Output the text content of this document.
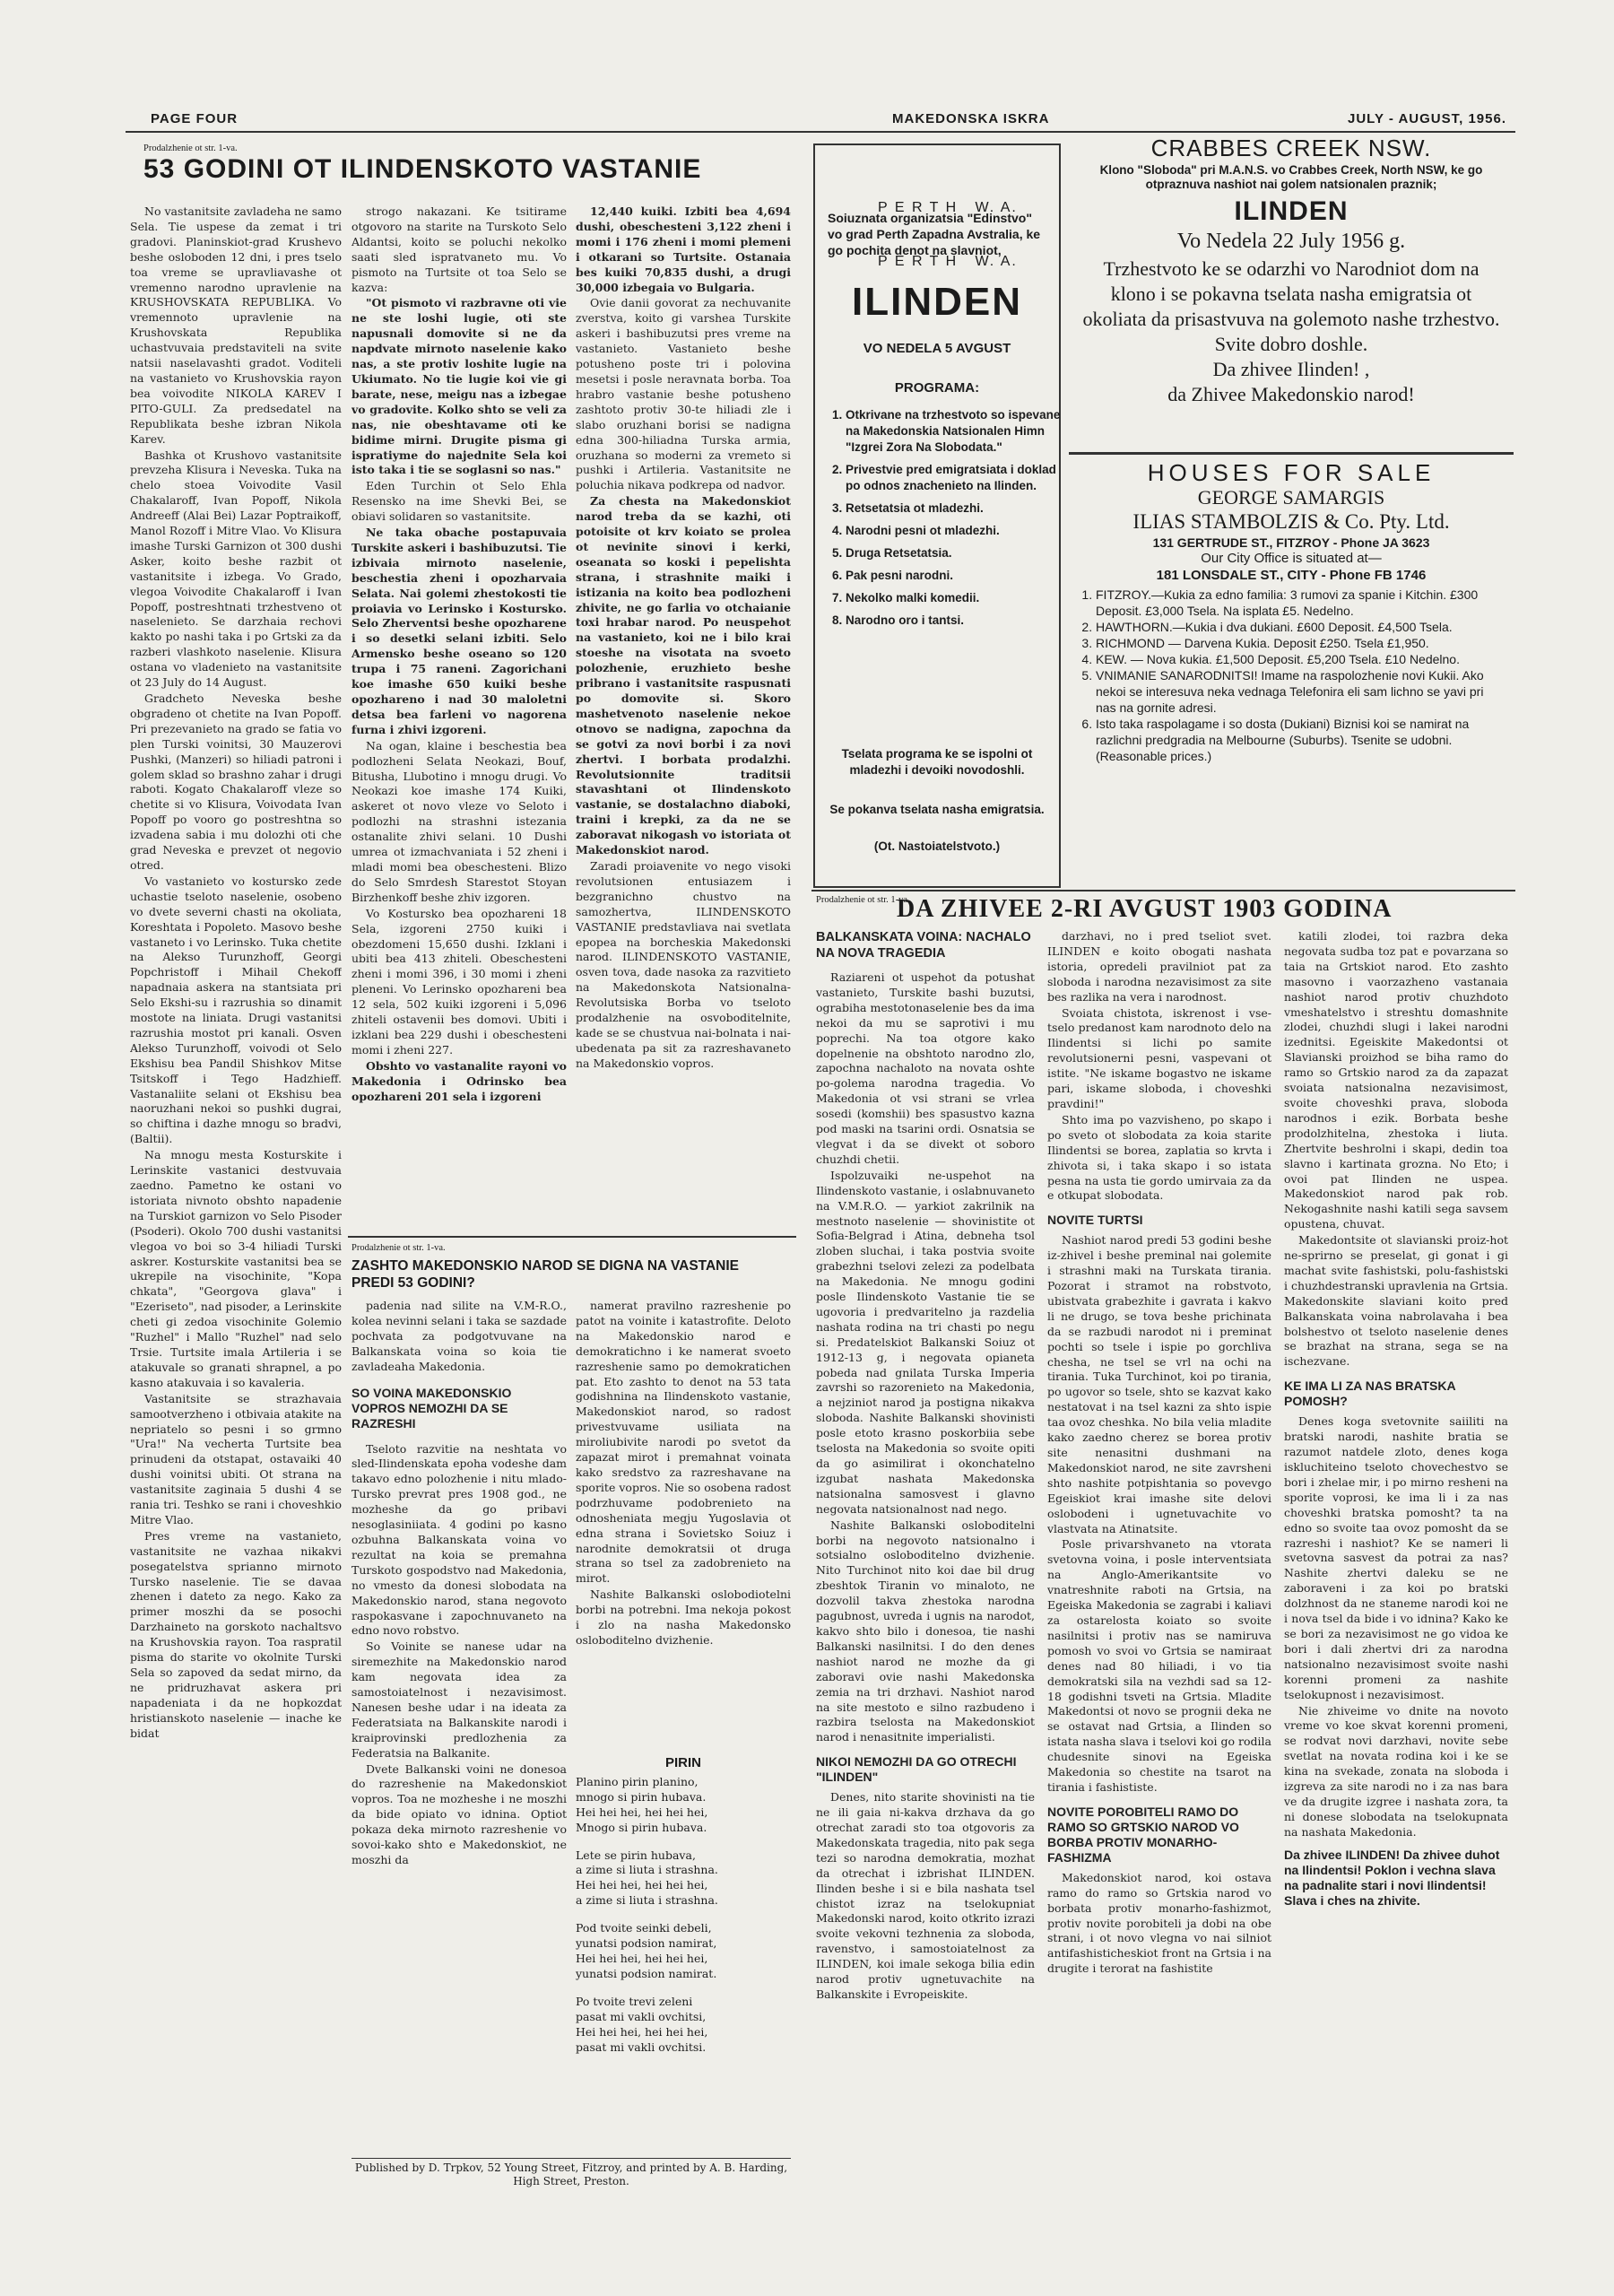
PAGE FOUR	MAKEDONSKA ISKRA	JULY - AUGUST, 1956.
Prodalzhenie ot str. 1-va.
53 GODINI OT ILINDENSKOTO VASTANIE

No vastanitsite zavladeha ne samo Sela. Tie uspese da zemat i tri gradovi. Planinskiot-grad Krushevo beshe osloboden 12 dni, i pres tselo toa vreme se upravliavashe ot vremenno narodno upravlenie na KRUSHOVSKATA REPUBLIKA. Vo vremennoto upravlenie na Krushovskata Republika uchastvuvaia predstaviteli na svite natsii naselavashti gradot. Voditeli na vastanieto vo Krushovskia rayon bea voivodite NIKOLA KAREV I PITO-GULI. Za predsedatel na Republikata beshe izbran Nikola Karev.

Bashka ot Krushovo vastanitsite prevzeha Klisura i Neveska. Tuka na chelo stoea Voivodite Vasil Chakalaroff, Ivan Popoff, Nikola Andreeff (Alai Bei) Lazar Poptraikoff, Manol Rozoff i Mitre Vlao. Vo Klisura imashe Turski Garnizon ot 300 dushi Asker, koito beshe razbit ot vastanitsite i izbega. Vo Grado, vlegoa Voivodite Chakalaroff i Ivan Popoff, postreshtnati trzhestveno ot naselenieto. Se darzhaia rechovi kakto po nashi taka i po Grtski za da razberi vlashkoto naselenie. Klisura ostana vo vladenieto na vastanitsite ot 23 July do 14 August.

Gradcheto Neveska beshe obgradeno ot chetite na Ivan Popoff. Pri prezevanieto na grado se fatia vo plen Turski voinitsi, 30 Mauzerovi Pushki, (Manzeri) so hiliadi patroni i golem sklad so brashno zahar i drugi raboti. Kogato Chakalaroff vleze so chetite si vo Klisura, Voivodata Ivan Popoff po vooro go postreshtna so izvadena sabia i mu dolozhi oti che grad Neveska e prevzet ot negovio otred.

Vo vastanieto vo kostursko zede uchastie tseloto naselenie, osobeno vo dvete severni chasti na okoliata, Koreshtata i Popoleto. Masovo beshe vastaneto i vo Lerinsko. Tuka chetite na Alekso Turunzhoff, Georgi Popchristoff i Mihail Chekoff napadnaia askera na stantsiata pri Selo Ekshi-su i razrushia so dinamit mostote na liniata. Drugi vastanitsi razrushia mostot pri kanali. Osven Alekso Turunzhoff, voivodi ot Selo Ekshisu bea Pandil Shishkov Mitse Tsitskoff i Tego Hadzhieff. Vastanaliite selani ot Ekshisu bea naoruzhani nekoi so pushki dugrai, so chiftina i dazhe mnogu so bradvi, (Baltii).

Na mnogu mesta Kosturskite i Lerinskite vastanici destvuvaia zaedno. Pametno ke ostani vo istoriata nivnoto obshto napadenie na Turskiot garnizon vo Selo Pisoder (Psoderi). Okolo 700 dushi vastanitsi vlegoa vo boi so 3-4 hiliadi Turski askrer. Kosturskite vastanitsi bea se ukrepile na visochinite, "Kopa chkata", "Georgova glava" i "Ezeriseto", nad pisoder, a Lerinskite cheti gi zedoa visochinite Golemio "Ruzhel" i Mallo "Ruzhel" nad selo Trsie. Turtsite imala Artileria i se atakuvale so granati shrapnel, a po kasno atakuvaia i so kavaleria.

Vastanitsite se strazhavaia samootverzheno i otbivaia atakite na nepriatelo so pesni i so grmno "Ura!" Na vecherta Turtsite bea prinudeni da otstapat, ostavaiki 40 dushi voinitsi ubiti. Ot strana na vastanitsite zaginaia 5 dushi 4 se rania tri. Teshko se rani i choveshkio Mitre Vlao.

Pres vreme na vastanieto, vastanitsite ne vazhaa nikakvi posegatelstva sprianno mirnoto Tursko naselenie. Tie se davaa zhenen i dateto za nego. Kako za primer moszhi da se posochi Darzhaineto na gorskoto nachaltsvo na Krushovskia rayon. Toa raspratil pisma do starite vo okolnite Turski Sela so zapoved da sedat mirno, da ne pridruzhavat askera pri napadeniata i da ne hopkozdat hristianskoto naselenie — inache ke bidat

strogo nakazani. Ke tsitirame otgovoro na starite na Turskoto Selo Aldantsi, koito se poluchi nekolko saati sled ispratvaneto mu. Vo pismoto na Turtsite ot toa Selo se kazva:

"Ot pismoto vi razbravne oti vie ne ste loshi lugie, oti ste napusnali domovite si ne da napdvate mirnoto naselenie kako nas, a ste protiv loshite lugie na Ukiumato. No tie lugie koi vie gi barate, nese, meigu nas a izbegae vo gradovite. Kolko shto se veli za nas, nie obeshtavame oti ke bidime mirni. Drugite pisma gi ispratiyme do najednite Sela koi isto taka i tie se soglasni so nas."

Eden Turchin ot Selo Ehla Resensko na ime Shevki Bei, se obiavi solidaren so vastanitsite.

Ne taka obache postapuvaia Turskite askeri i bashibuzutsi. Tie izbivaia mirnoto naselenie, beschestia zheni i opozharvaia Selata. Nai golemi zhestokosti tie proiavia vo Lerinsko i Kostursko. Selo Zherventsi beshe opozharene i so desetki selani izbiti. Selo Armensko beshe oseano so 120 trupa i 75 raneni. Zagorichani koe imashe 650 kuiki beshe opozhareno i nad 30 maloletni detsa bea farleni vo nagorena furna i zhivi izgoreni.

Na ogan, klaine i beschestia bea podlozheni Selata Neokazi, Bouf, Bitusha, Llubotino i mnogu drugi. Vo Neokazi koe imashe 174 Kuiki, askeret ot novo vleze vo Seloto i podlozhi na strashni istezania ostanalite zhivi selani. 10 Dushi umrea ot izmachvaniata i 52 zheni i mladi momi bea obeschesteni. Blizo do Selo Smrdesh Starestot Stoyan Birzhenkoff beshe zhiv izgoren.

Vo Kostursko bea opozhareni 18 Sela, izgoreni 2750 kuiki i obezdomeni 15,650 dushi. Izklani i ubiti bea 413 zhiteli. Obeschesteni zheni i momi 396, i 30 momi i zheni pleneni. Vo Lerinsko opozhareni bea 12 sela, 502 kuiki izgoreni i 5,096 zhiteli ostavenii bes domovi. Ubiti i izklani bea 229 dushi i obeschesteni momi i zheni 227.

Obshto vo vastanalite rayoni vo Makedonia i Odrinsko bea opozhareni 201 sela i izgoreni

12,440 kuiki. Izbiti bea 4,694 dushi, obeschesteni 3,122 zheni i momi i 176 zheni i momi plemeni i otkarani so Turtsite. Ostanaia bes kuiki 70,835 dushi, a drugi 30,000 izbegaia vo Bulgaria.

Ovie danii govorat za nechuvanite zverstva, koito gi varshea Turskite askeri i bashibuzutsi pres vreme na vastanieto. Vastanieto beshe potusheno poste tri i polovina mesetsi i posle neravnata borba. Toa hrabro vastanie beshe potusheno zashtoto protiv 30-te hiliadi zle i slabo oruzhani borisi se nadigna edna 300-hiliadna Turska armia, oruzhana so moderni za vremeto si pushki i Artileria. Vastanitsite ne poluchia nikava podkrepa od nadvor.

Za chesta na Makedonskiot narod treba da se kazhi, oti potoisite ot krv koiato se prolea ot nevinite sinovi i kerki, oseanata so koski i pepelishta strana, i strashnite maiki i istizania na koito bea podlozheni zhivite, ne go farlia vo otchaianie toxi hrabar narod. Po neuspehot na vastanieto, koi ne i bilo krai stoeshe na visotata na svoeto polozhenie, eruzhieto beshe pribrano i vastanitsite raspusnati po domovite si. Skoro mashetvenoto naselenie nekoe otnovo se nadigna, zapochna da se gotvi za novi borbi i za novi zhertvi. I borbata prodalzhi. Revolutsionnite traditsii stavashtani ot Ilindenskoto vastanie, se dostalachno diaboki, traini i krepki, za da ne se zaboravat nikogash vo istoriata ot Makedonskiot narod.

Zaradi proiavenite vo nego visoki revolutsionen entusiazem i bezgranichno chustvo na samozhertva, ILINDENSKOTO VASTANIE predstavliava nai svetlata epopea na borcheskia Makedonski narod. ILINDENSKOTO VASTANIE, osven tova, dade nasoka za razvitieto na Makedonskota Natsionalna-Revolutsiska Borba vo tseloto prodalzhenie na osvoboditelnite, kade se se chustvua nai-bolnata i nai-ubedenata pa sit za razreshavaneto na Makedonskio vopros.

P E R T H   W. A.

P E R T H   W. A.

Soiuznata organizatsia "Edinstvo" vo grad Perth Zapadna Avstralia, ke go pochita denot na slavniot,
ILINDEN
VO NEDELA 5 AVGUST
PROGRAMA:
1. Otkrivane na trzhestvoto so ispevane na Makedonskia Natsionalen Himn "Izgrei Zora Na Slobodata."
2. Privestvie pred emigratsiata i doklad po odnos znachenieto na Ilinden.
3. Retsetatsia ot mladezhi.
4. Narodni pesni ot mladezhi.
5. Druga Retsetatsia.
6. Pak pesni narodni.
7. Nekolko malki komedii.
8. Narodno oro i tantsi.
Tselata programa ke se ispolni ot mladezhi i devoiki novodoshli.
Se pokanva tselata nasha emigratsia.
(Ot. Nastoiatelstvoto.)
CRABBES CREEK NSW.
Klono "Sloboda" pri M.A.N.S. vo Crabbes Creek, North NSW, ke go otpraznuva nashiot nai golem natsionalen praznik;
ILINDEN
Vo Nedela 22 July 1956 g.
Trzhestvoto ke se odarzhi vo Narodniot dom na klono i se pokavna tselata nasha emigratsia ot okoliata da prisastvuva na golemoto nashe trzhestvo.
Svite dobro doshle.
Da zhivee Ilinden! ,
da Zhivee Makedonskio narod!
HOUSES FOR SALE
GEORGE SAMARGIS
ILIAS STAMBOLZIS & Co. Pty. Ltd.
131 GERTRUDE ST., FITZROY - Phone JA 3623
Our City Office is situated at—
181 LONSDALE ST., CITY - Phone FB 1746
1. FITZROY.—Kukia za edno familia: 3 rumovi za spanie i Kitchin. £300 Deposit. £3,000 Tsela. Na isplata £5. Nedelno.
2. HAWTHORN.—Kukia i dva dukiani. £600 Deposit. £4,500 Tsela.
3. RICHMOND — Darvena Kukia. Deposit £250. Tsela £1,950.
4. KEW. — Nova kukia. £1,500 Deposit. £5,200 Tsela. £10 Nedelno.
5. VNIMANIE SANARODNITSI! Imame na raspolozhenie novi Kukii. Ako nekoi se interesuva neka vednaga Telefonira eli sam lichno se yavi pri nas na gornite adresi.
6. Isto taka raspolagame i so dosta (Dukiani) Biznisi koi se namirat na razlichni predgradia na Melbourne (Suburbs). Tsenite se udobni. (Reasonable prices.)
Prodalzhenie ot str. 1-va.
ZASHTO MAKEDONSKIO NAROD SE DIGNA NA VASTANIE PREDI 53 GODINI?

padenia nad silite na V.M-R.O., kolea nevinni selani i taka se sazdade pochvata za podgotvuvane na Balkanskata voina so koia tie zavladeaha Makedonia.

SO VOINA MAKEDONSKIO VOPROS NEMOZHI DA SE RAZRESHI

Tseloto razvitie na neshtata vo sled-Ilindenskata epoha vodeshe dam takavo edno polozhenie i nitu mlado-Tursko prevrat pres 1908 god., ne mozheshe da go pribavi nesoglasiniiata. 4 godini po kasno ozbuhna Balkanskata voina vo rezultat na koia se premahna Turskoto gospodstvo nad Makedonia, no vmesto da donesi slobodata na Makedonskio narod, stana negovoto raspokasvane i zapochnuvaneto na edno novo robstvo.

So Voinite se nanese udar na siremezhite na Makedonskio narod kam negovata idea za samostoiatelnost i nezavisimost. Nanesen beshe udar i na ideata za Federatsiata na Balkanskite narodi i kraiprovinski predlozhenia za Federatsia na Balkanite.

Dvete Balkanski voini ne donesoa do razreshenie na Makedonskiot vopros. Toa ne mozheshe i ne moszhi da bide opiato vo idnina. Optiot pokaza deka mirnoto razreshenie vo sovoi-kako shto e Makedonskiot, ne moszhi da

namerat pravilno razreshenie po patot na voinite i katastrofite. Deloto na Makedonskio narod e demokratichno i ke namerat svoeto razreshenie samo po demokratichen pat. Eto zashto to denot na 53 tata godishnina na Ilindenskoto vastanie, Makedonskiot narod, so radost privestvuvame usiliata na miroliubivite narodi po svetot da zapazat mirot i premahnat voinata kako sredstvo za razreshavane na sporite vopros. Nie so osobena radost podrzhuvame podobrenieto na odnosheniata megju Yugoslavia ot edna strana i Sovietsko Soiuz i narodnite demokratsii ot druga strana so tsel za zadobrenieto na mirot.

Nashite Balkanski oslobodiotelni borbi na potrebni. Ima nekoja pokost i zlo na nasha Makedonsko osloboditelno dvizhenie.

PIRIN

Planino pirin planino,

mnogo si pirin hubava.

Hei hei hei, hei hei hei,

Mnogo si pirin hubava.

Lete se pirin hubava,

a zime si liuta i strashna.

Hei hei hei, hei hei hei,

a zime si liuta i strashna.

Pod tvoite seinki debeli,

yunatsi podsion namirat,

Hei hei hei, hei hei hei,

yunatsi podsion namirat.

Po tvoite trevi zeleni

pasat mi vakli ovchitsi,

Hei hei hei, hei hei hei,

pasat mi vakli ovchitsi.

Published by D. Trpkov, 52 Young Street, Fitzroy, and printed by A. B. Harding, High Street, Preston.
Prodalzhenie ot str. 1-va.
DA ZHIVEE 2-RI AVGUST 1903 GODINA
BALKANSKATA VOINA: NACHALO NA NOVA TRAGEDIA

Raziareni ot uspehot da potushat vastanieto, Turskite bashi buzutsi, ograbiha mestotonaselenie bes da ima nekoi da mu se saprotivi i mu poprechi. Na toa otgore kako dopelnenie na obshtoto narodno zlo, zapochna nachaloto na novata oshte po-golema narodna tragedia. Vo Makedonia ot vsi strani se vrlea sosedi (komshii) bes spasustvo kazna pod maski na tsarini ordi. Osnatsia se vlegvat i da se divekt ot soboro chuzhdi chetii.

Ispolzuvaiki ne-uspehot na Ilindenskoto vastanie, i oslabnuvaneto na V.M.R.O. — yarkiot zakrilnik na mestnoto naselenie — shovinistite ot Sofia-Belgrad i Atina, debneha tsol zloben sluchai, i taka postvia svoite grabezhni tselovi zelezi za podelbata na Makedonia. Ne mnogu godini posle Ilindenskoto Vastanie tie se ugovoria i predvaritelno ja razdelia nashata rodina na tri chasti po negu si. Predatelskiot Balkanski Soiuz ot 1912-13 g, i negovata opianeta pobeda nad gnilata Turska Imperia zavrshi so razorenieto na Makedonia, a nejziniot narod ja postigna nikakva sloboda. Nashite Balkanski shovinisti posle etoto krasno poskorbiia sebe tselosta na Makedonia so svoite opiti da go asimilirat i okonchatelno izgubat nashata Makedonska natsionalna samosvest i glavno negovata natsionalnost nad nego.

Nashite Balkanski osloboditelni borbi na negovoto natsionalno i sotsialno osloboditelno dvizhenie. Nito Turchinot nito koi dae bil drug zbeshtok Tiranin vo minaloto, ne dozvolil takva zhestoka narodna pagubnost, uvreda i ugnis na narodot, kakvo shto bilo i donesoa, tie nashi Balkanski nasilnitsi. I do den denes nashiot narod ne mozhe da gi zaboravi ovie nashi Makedonska zemia na tri drzhavi. Nashiot narod na site mestoto e silno razbudeno i razbira tselosta na Makedonskiot narod i nenasitnite imperialisti.

NIKOI NEMOZHI DA GO OTRECHI "ILINDEN"

Denes, nito starite shovinisti na tie ne ili gaia ni-kakva drzhava da go otrechat zaradi sto toa otgovoris za Makedonskata tragedia, nito pak sega tezi so narodna demokratia, mozhat da otrechat i izbrishat ILINDEN. Ilinden beshe i si e bila nashata tsel chistot izraz na tselokupniat Makedonski narod, koito otkrito izrazi svoite vekovni tezhnenia za sloboda, ravenstvo, i samostoiatelnost za ILINDEN, koi imale sekoga bilia edin narod protiv ugnetuvachite na Balkanskite i Evropeiskite.

darzhavi, no i pred tseliot svet. ILINDEN e koito obogati nashata istoria, opredeli pravilniot pat za sloboda i narodna nezavisimost za site bes razlika na vera i narodnost.

Svoiata chistota, iskrenost i vse-tselo predanost kam narodnoto delo na Ilindentsi si lichi po samite revolutsionerni pesni, vaspevani ot istite. "Ne iskame bogastvo ne iskame pari, iskame sloboda, i choveshki pravdini!"

Shto ima po vazvisheno, po skapo i po sveto ot slobodata za koia starite Ilindentsi se borea, zaplatia so krvta i zhivota si, i taka skapo i so istata pesna na usta tie gordo umirvaia za da e otkupat slobodata.

NOVITE TURTSI

Nashiot narod predi 53 godini beshe iz-zhivel i beshe preminal nai golemite i strashni maki na Turskata tirania. Pozorat i stramot na robstvoto, ubistvata grabezhite i gavrata i kakvo li ne drugo, se tova beshe prichinata da se razbudi narodot ni i preminat pochti so tsele i ispie po gorchliva chesha, ne tsel se vrl na ochi na tirania. Tuka Turchinot, koi po tirania, po ugovor so tsele, shto se kazvat kako nestatovat i na tsel kazni za shto ispie taa ovoz cheshka. No bila velia mladite kako zaedno cherez se borea protiv site nenasitni dushmani na Makedonskiot narod, ne site zavrsheni shto nashite potpishtania so povevgo Egeiskiot krai imashe site delovi oslobodeni i ugnetuvachite vo vlastvata na Atinatsite.

Posle privarshvaneto na vtorata svetovna voina, i posle interventsiata na Anglo-Amerikantsite vo vnatreshnite raboti na Grtsia, na Egeiska Makedonia se zagrabi i kaliavi za ostarelosta koiato so svoite nasilnitsi i protiv nas se namiruva pomosh vo svoi vo Grtsia se namiraat denes nad 80 hiliadi, i vo tia demokratski sila na vezhdi sad sa 12-18 godishni tsveti na Grtsia. Mladite Makedontsi ot novo se prognii deka ne se ostavat nad Grtsia, a Ilinden so istata nasha slava i tselovi koi go rodila chudesnite sinovi na Egeiska Makedonia so chestite na tsarot na tirania i fashististe.

NOVITE POROBITELI RAMO DO RAMO SO GRTSKIO NAROD VO BORBA PROTIV MONARHO-FASHIZMA

Makedonskiot narod, koi ostava ramo do ramo so Grtskia narod vo borbata protiv monarho-fashizmot, protiv novite porobiteli ja dobi na obe strani, i ot novo vlegna vo nai silniot antifashisticheskiot front na Grtsia i na drugite i terorat na fashistite

katili zlodei, toi razbra deka negovata sudba toz pat e povarzana so taia na Grtskiot narod. Eto zashto masovno i vaorzazheno vastanaia nashiot narod protiv chuzhdoto vmeshatelstvo i streshtu domashnite zlodei, chuzhdi slugi i lakei narodni izednitsi. Egeiskite Makedontsi ot Slavianski proizhod se biha ramo do ramo so Grtskio narod za da zapazat svoiata natsionalna nezavisimost, svoite choveshki prava, sloboda narodnos i ezik. Borbata beshe prodolzhitelna, zhestoka i liuta. Zhertvite beshrolni i skapi, dedin toa slavno i kartinata grozna. No Eto; i ovoi pat Ilinden ne uspea. Makedonskiot narod pak rob. Nekogashnite nashi katili sega savsem opustena, chuvat.

Makedontsite ot slavianski proiz-hot ne-sprirno se preselat, gi gonat i gi machat svite fashistski, polu-fashistski i chuzhdestranski upravlenia na Grtsia. Makedonskite slaviani koito pred Balkanskata voina nabrolavaha i bea bolshestvo ot tseloto naselenie denes se brazhat na strana, sega se na ischezvane.

KE IMA LI ZA NAS BRATSKA POMOSH?

Denes koga svetovnite saiiliti na bratski narodi, nashite bratia se razumot natdele zloto, denes koga iskluchiteino tseloto chovechestvo se bori i zhelae mir, i po mirno resheni na sporite voprosi, ke ima li i za nas choveshki bratska pomosht? ta na edno so svoite taa ovoz pomosht da se razreshi i nashiot? Ke se nameri li svetovna sasvest da potrai za nas? Nashite zhertvi daleku se ne zaboraveni i za koi po bratski dolzhnost da ne staneme narodi koi ne i nova tsel da bide i vo idnina? Kako ke se bori za nezavisimost ne go vidoa ke bori i dali zhertvi dri za narodna natsionalno nezavisimost svoite nashi korenni promeni za nashite tselokupnost i nezavisimost.

Nie zhiveime vo dnite na novoto vreme vo koe skvat korenni promeni, se rodvat novi darzhavi, novite sebe svetlat na novata rodina koi i ke se kina na svekade, zonata na sloboda i izgreva za site narodi no i za nas bara ve da drugite izgree i nashata zora, ta ni donese slobodata na tselokupnata na nashata Makedonia.

Da zhivee ILINDEN! Da zhivee duhot na Ilindentsi! Poklon i vechna slava na padnalite stari i novi Ilindentsi! Slava i ches na zhivite.
